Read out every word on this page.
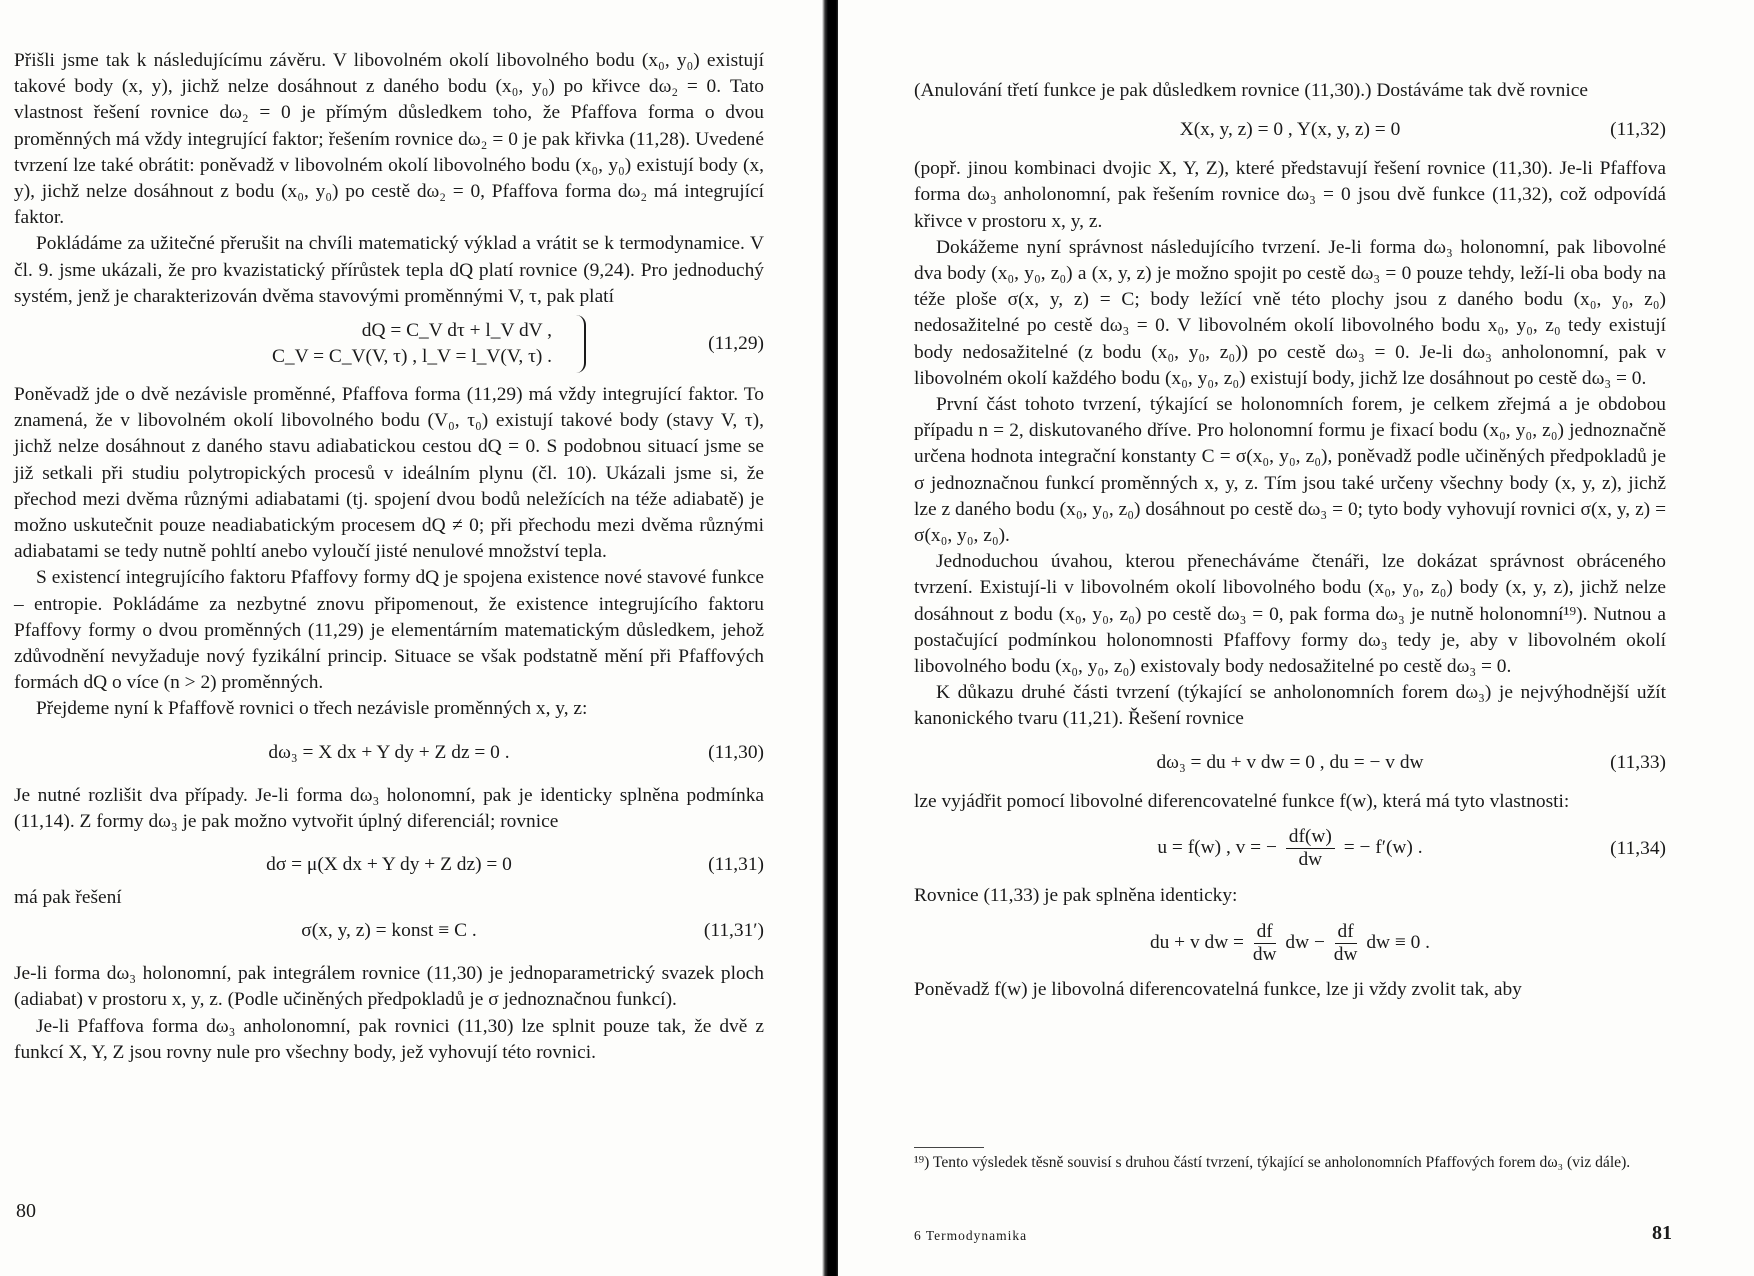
Přišli jsme tak k následujícímu závěru. V libovolném okolí libovolného bodu (x₀, y₀) existují takové body (x, y), jichž nelze dosáhnout z daného bodu (x₀, y₀) po křivce dω₂ = 0. Tato vlastnost řešení rovnice dω₂ = 0 je přímým důsledkem toho, že Pfaffova forma o dvou proměnných má vždy integrující faktor; řešením rovnice dω₂ = 0 je pak křivka (11,28). Uvedené tvrzení lze také obrátit: poněvadž v libovolném okolí libovolného bodu (x₀, y₀) existují body (x, y), jichž nelze dosáhnout z bodu (x₀, y₀) po cestě dω₂ = 0, Pfaffova forma dω₂ má integrující faktor.

Pokládáme za užitečné přerušit na chvíli matematický výklad a vrátit se k termodynamice. V čl. 9. jsme ukázali, že pro kvazistatický přírůstek tepla dQ platí rovnice (9,24). Pro jednoduchý systém, jenž je charakterizován dvěma stavovými proměnnými V, τ, pak platí

dQ = C_V dτ + l_V dV ,
C_V = C_V(V, τ) , l_V = l_V(V, τ) .
(11,29)

Poněvadž jde o dvě nezávisle proměnné, Pfaffova forma (11,29) má vždy integrující faktor. To znamená, že v libovolném okolí libovolného bodu (V₀, τ₀) existují takové body (stavy V, τ), jichž nelze dosáhnout z daného stavu adiabatickou cestou dQ = 0. S podobnou situací jsme se již setkali při studiu polytropických procesů v ideálním plynu (čl. 10). Ukázali jsme si, že přechod mezi dvěma různými adiabatami (tj. spojení dvou bodů neležících na téže adiabatě) je možno uskutečnit pouze neadiabatickým procesem dQ ≠ 0; při přechodu mezi dvěma různými adiabatami se tedy nutně pohltí anebo vyloučí jisté nenulové množství tepla.

S existencí integrujícího faktoru Pfaffovy formy dQ je spojena existence nové stavové funkce – entropie. Pokládáme za nezbytné znovu připomenout, že existence integrujícího faktoru Pfaffovy formy o dvou proměnných (11,29) je elementárním matematickým důsledkem, jehož zdůvodnění nevyžaduje nový fyzikální princip. Situace se však podstatně mění při Pfaffových formách dQ o více (n > 2) proměnných.

Přejdeme nyní k Pfaffově rovnici o třech nezávisle proměnných x, y, z:

dω₃ = X dx + Y dy + Z dz = 0 .	(11,30)

Je nutné rozlišit dva případy. Je-li forma dω₃ holonomní, pak je identicky splněna podmínka (11,14). Z formy dω₃ je pak možno vytvořit úplný diferenciál; rovnice

dσ = μ(X dx + Y dy + Z dz) = 0	(11,31)

má pak řešení

σ(x, y, z) = konst ≡ C .	(11,31′)

Je-li forma dω₃ holonomní, pak integrálem rovnice (11,30) je jednoparametrický svazek ploch (adiabat) v prostoru x, y, z. (Podle učiněných předpokladů je σ jednoznačnou funkcí).

Je-li Pfaffova forma dω₃ anholonomní, pak rovnici (11,30) lze splnit pouze tak, že dvě z funkcí X, Y, Z jsou rovny nule pro všechny body, jež vyhovují této rovnici.

80

(Anulování třetí funkce je pak důsledkem rovnice (11,30).) Dostáváme tak dvě rovnice

X(x, y, z) = 0 , Y(x, y, z) = 0	(11,32)

(popř. jinou kombinaci dvojic X, Y, Z), které představují řešení rovnice (11,30). Je-li Pfaffova forma dω₃ anholonomní, pak řešením rovnice dω₃ = 0 jsou dvě funkce (11,32), což odpovídá křivce v prostoru x, y, z.

Dokážeme nyní správnost následujícího tvrzení. Je-li forma dω₃ holonomní, pak libovolné dva body (x₀, y₀, z₀) a (x, y, z) je možno spojit po cestě dω₃ = 0 pouze tehdy, leží-li oba body na téže ploše σ(x, y, z) = C; body ležící vně této plochy jsou z daného bodu (x₀, y₀, z₀) nedosažitelné po cestě dω₃ = 0. V libovolném okolí libovolného bodu x₀, y₀, z₀ tedy existují body nedosažitelné (z bodu (x₀, y₀, z₀)) po cestě dω₃ = 0. Je-li dω₃ anholonomní, pak v libovolném okolí každého bodu (x₀, y₀, z₀) existují body, jichž lze dosáhnout po cestě dω₃ = 0.

První část tohoto tvrzení, týkající se holonomních forem, je celkem zřejmá a je obdobou případu n = 2, diskutovaného dříve. Pro holonomní formu je fixací bodu (x₀, y₀, z₀) jednoznačně určena hodnota integrační konstanty C = σ(x₀, y₀, z₀), poněvadž podle učiněných předpokladů je σ jednoznačnou funkcí proměnných x, y, z. Tím jsou také určeny všechny body (x, y, z), jichž lze z daného bodu (x₀, y₀, z₀) dosáhnout po cestě dω₃ = 0; tyto body vyhovují rovnici σ(x, y, z) = σ(x₀, y₀, z₀).

Jednoduchou úvahou, kterou přenecháváme čtenáři, lze dokázat správnost obráceného tvrzení. Existují-li v libovolném okolí libovolného bodu (x₀, y₀, z₀) body (x, y, z), jichž nelze dosáhnout z bodu (x₀, y₀, z₀) po cestě dω₃ = 0, pak forma dω₃ je nutně holonomní¹⁹). Nutnou a postačující podmínkou holonomnosti Pfaffovy formy dω₃ tedy je, aby v libovolném okolí libovolného bodu (x₀, y₀, z₀) existovaly body nedosažitelné po cestě dω₃ = 0.

K důkazu druhé části tvrzení (týkající se anholonomních forem dω₃) je nejvýhodnější užít kanonického tvaru (11,21). Řešení rovnice

dω₃ = du + v dw = 0 , du = − v dw	(11,33)

lze vyjádřit pomocí libovolné diferencovatelné funkce f(w), která má tyto vlastnosti:

u = f(w) , v = − $\frac{df(w)}{dw}$ = − f′(w) .	(11,34)

Rovnice (11,33) je pak splněna identicky:

du + v dw = $\frac{df}{dw}$ dw − $\frac{df}{dw}$ dw ≡ 0 .

Poněvadž f(w) je libovolná diferencovatelná funkce, lze ji vždy zvolit tak, aby

¹⁹) Tento výsledek těsně souvisí s druhou částí tvrzení, týkající se anholonomních Pfaffových forem dω₃ (viz dále).
6 Termodynamika	81
